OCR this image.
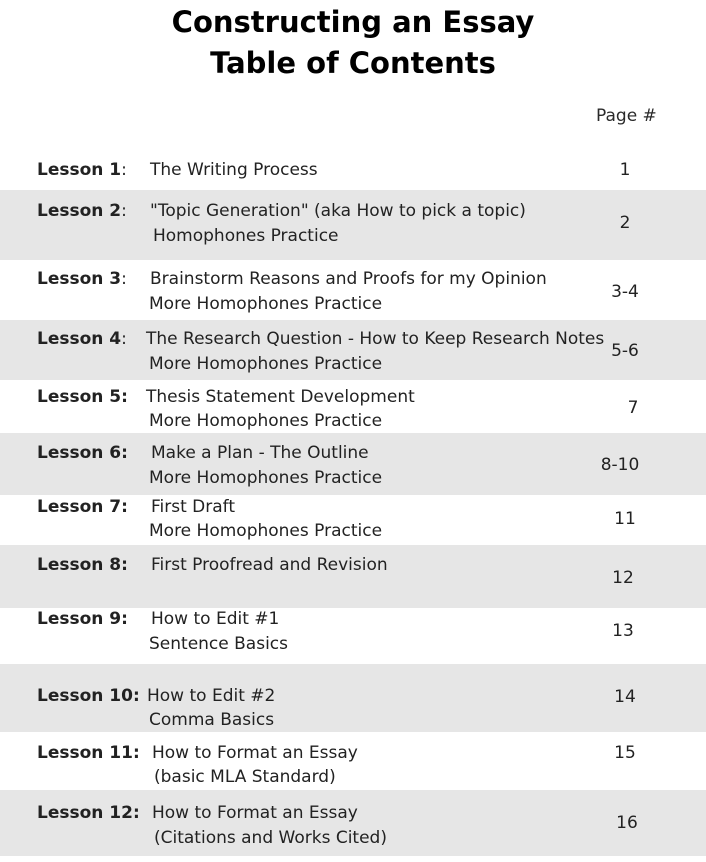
Constructing an Essay
Table of Contents
Page #
Lesson 1: The Writing Process	1
Lesson 2: "Topic Generation" (aka How to pick a topic)
Homophones Practice
2
Lesson 3: Brainstorm Reasons and Proofs for my Opinion
More Homophones Practice
3-4
Lesson 4: The Research Question - How to Keep Research Notes
More Homophones Practice
5-6
Lesson 5: Thesis Statement Development
More Homophones Practice
7
Lesson 6: Make a Plan - The Outline
More Homophones Practice
8-10
Lesson 7: First Draft
More Homophones Practice
11
Lesson 8: First Proofread and Revision
12
Lesson 9: How to Edit #1
Sentence Basics
13
Lesson 10: How to Edit #2
Comma Basics
14
Lesson 11: How to Format an Essay
(basic MLA Standard)
15
Lesson 12: How to Format an Essay
(Citations and Works Cited)
16
